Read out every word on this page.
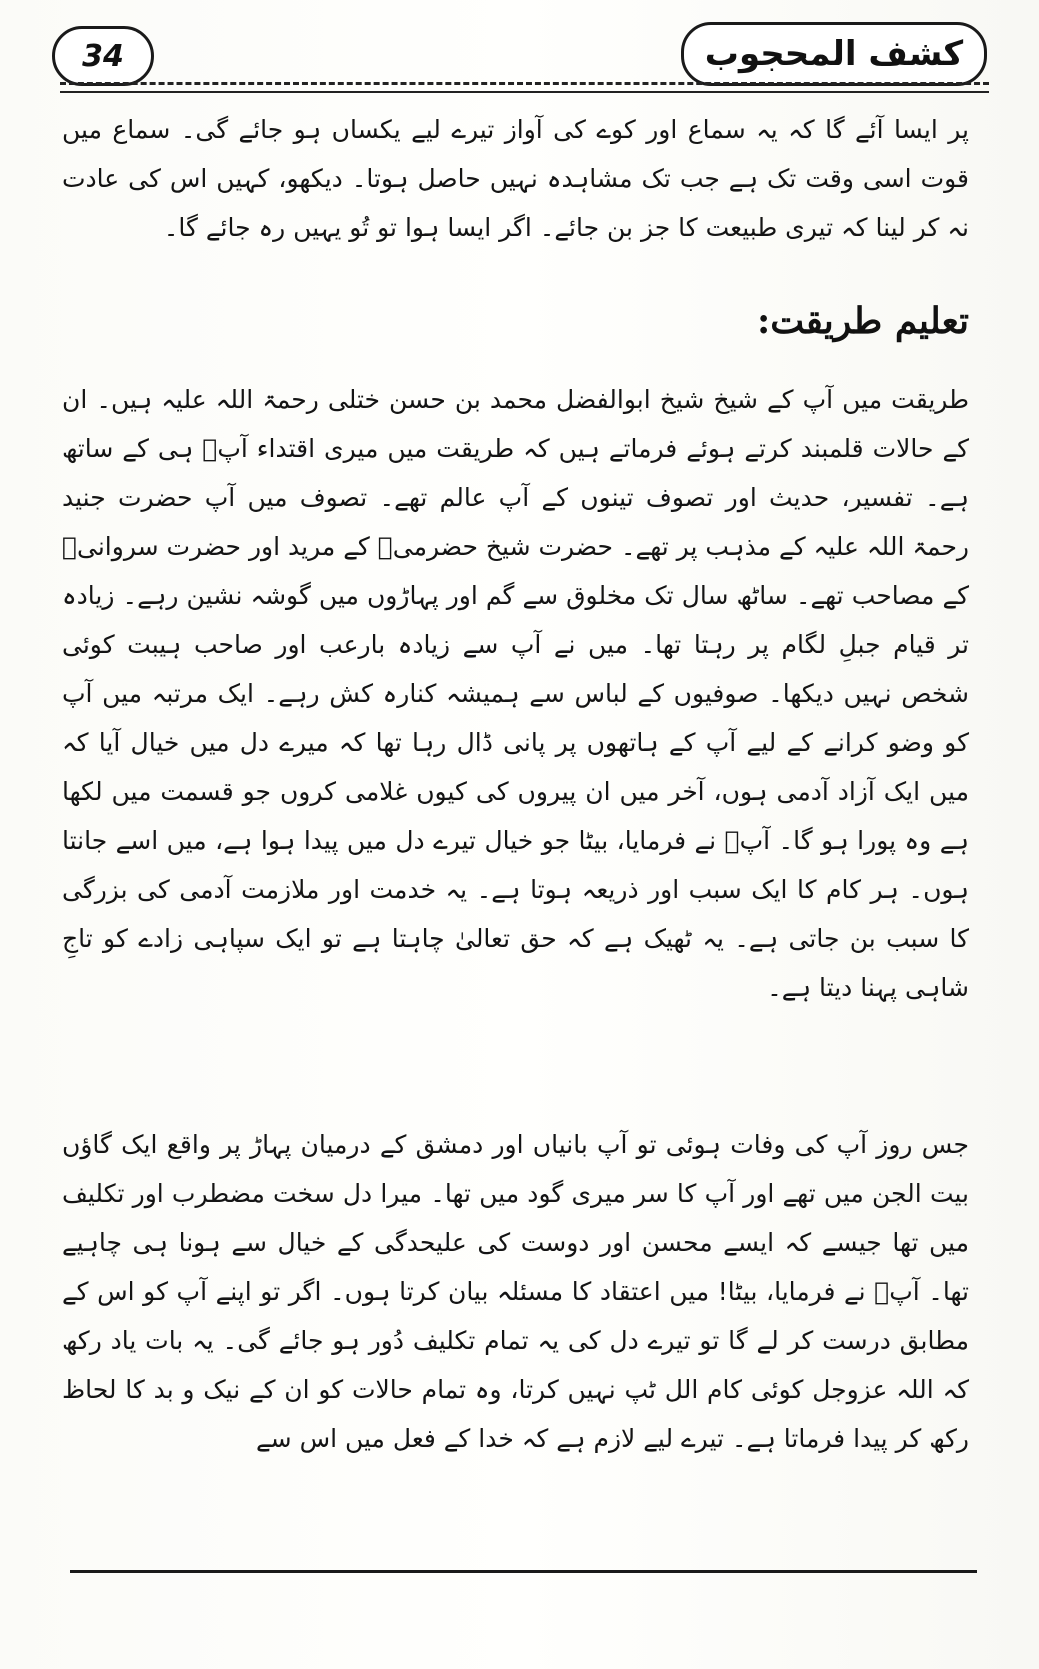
34	کشف المحجوب

پر ایسا آئے گا کہ یہ سماع اور کوے کی آواز تیرے لیے یکساں ہو جائے گی۔ سماع میں قوت اسی وقت تک ہے جب تک مشاہدہ نہیں حاصل ہوتا۔ دیکھو، کہیں اس کی عادت نہ کر لینا کہ تیری طبیعت کا جز بن جائے۔ اگر ایسا ہوا تو تُو یہیں رہ جائے گا۔

تعلیم طریقت:

طریقت میں آپ کے شیخ شیخ ابوالفضل محمد بن حسن ختلی رحمۃ اللہ علیہ ہیں۔ ان کے حالات قلمبند کرتے ہوئے فرماتے ہیں کہ طریقت میں میری اقتداء آپؒ ہی کے ساتھ ہے۔ تفسیر، حدیث اور تصوف تینوں کے آپ عالم تھے۔ تصوف میں آپ حضرت جنید رحمۃ اللہ علیہ کے مذہب پر تھے۔ حضرت شیخ حضرمیؒ کے مرید اور حضرت سروانیؒ کے مصاحب تھے۔ ساٹھ سال تک مخلوق سے گم اور پہاڑوں میں گوشہ نشین رہے۔ زیادہ تر قیام جبلِ لگام پر رہتا تھا۔ میں نے آپ سے زیادہ بارعب اور صاحب ہیبت کوئی شخص نہیں دیکھا۔ صوفیوں کے لباس سے ہمیشہ کنارہ کش رہے۔ ایک مرتبہ میں آپ کو وضو کرانے کے لیے آپ کے ہاتھوں پر پانی ڈال رہا تھا کہ میرے دل میں خیال آیا کہ میں ایک آزاد آدمی ہوں، آخر میں ان پیروں کی کیوں غلامی کروں جو قسمت میں لکھا ہے وہ پورا ہو گا۔ آپؒ نے فرمایا، بیٹا جو خیال تیرے دل میں پیدا ہوا ہے، میں اسے جانتا ہوں۔ ہر کام کا ایک سبب اور ذریعہ ہوتا ہے۔ یہ خدمت اور ملازمت آدمی کی بزرگی کا سبب بن جاتی ہے۔ یہ ٹھیک ہے کہ حق تعالیٰ چاہتا ہے تو ایک سپاہی زادے کو تاجِ شاہی پہنا دیتا ہے۔

جس روز آپ کی وفات ہوئی تو آپ بانیاں اور دمشق کے درمیان پہاڑ پر واقع ایک گاؤں بیت الجن میں تھے اور آپ کا سر میری گود میں تھا۔ میرا دل سخت مضطرب اور تکلیف میں تھا جیسے کہ ایسے محسن اور دوست کی علیحدگی کے خیال سے ہونا ہی چاہیے تھا۔ آپؒ نے فرمایا، بیٹا! میں اعتقاد کا مسئلہ بیان کرتا ہوں۔ اگر تو اپنے آپ کو اس کے مطابق درست کر لے گا تو تیرے دل کی یہ تمام تکلیف دُور ہو جائے گی۔ یہ بات یاد رکھ کہ اللہ عزوجل کوئی کام الل ٹپ نہیں کرتا، وہ تمام حالات کو ان کے نیک و بد کا لحاظ رکھ کر پیدا فرماتا ہے۔ تیرے لیے لازم ہے کہ خدا کے فعل میں اس سے
